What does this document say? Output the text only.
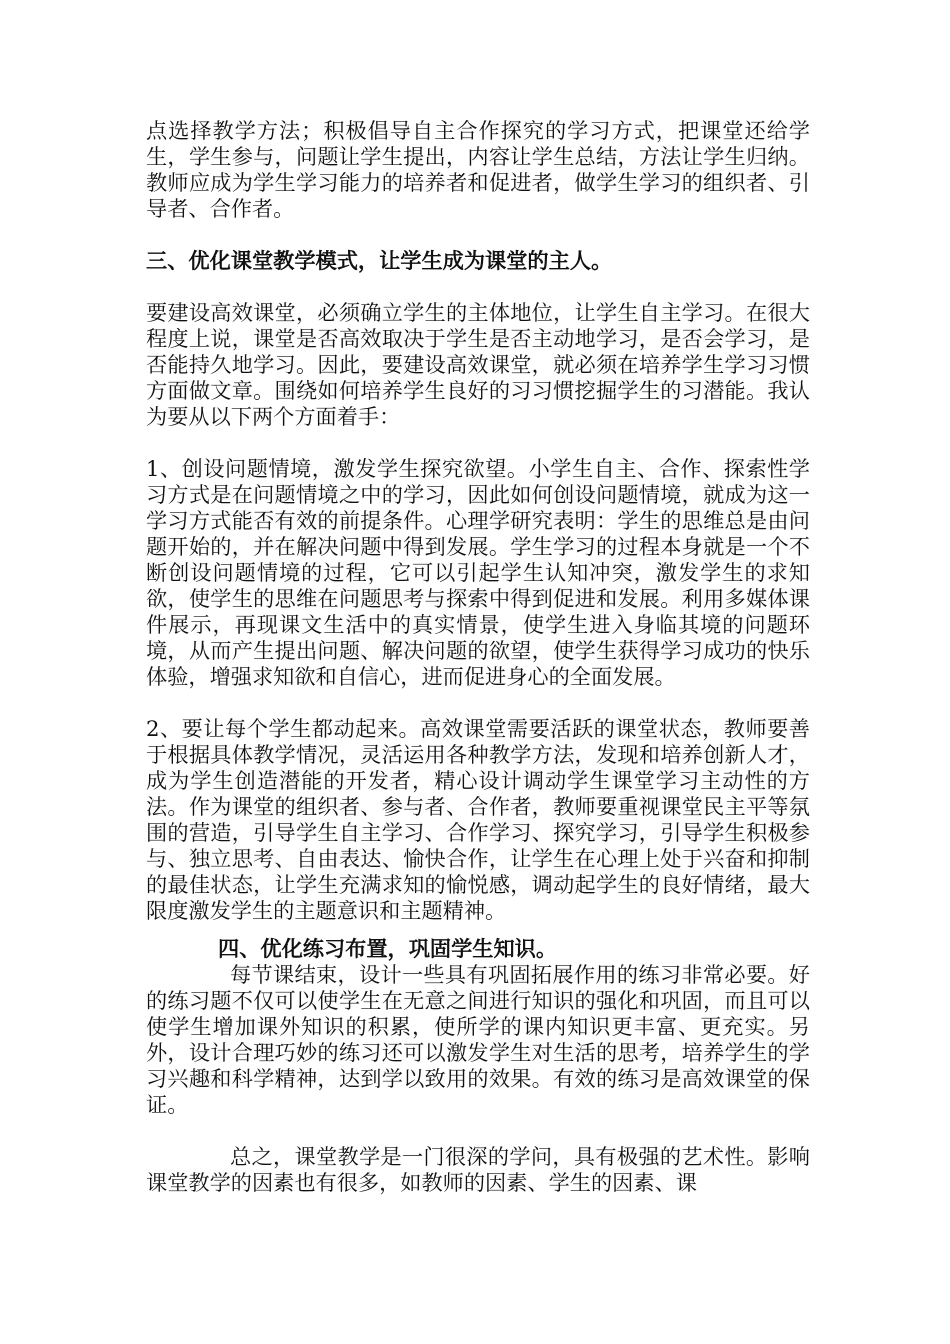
点选择教学方法；积极倡导自主合作探究的学习方式，把课堂还给学生，学生参与，问题让学生提出，内容让学生总结，方法让学生归纳。教师应成为学生学习能力的培养者和促进者，做学生学习的组织者、引导者、合作者。

三、优化课堂教学模式，让学生成为课堂的主人。

要建设高效课堂，必须确立学生的主体地位，让学生自主学习。在很大程度上说，课堂是否高效取决于学生是否主动地学习，是否会学习，是否能持久地学习。因此，要建设高效课堂，就必须在培养学生学习习惯方面做文章。围绕如何培养学生良好的习习惯挖掘学生的习潜能。我认为要从以下两个方面着手：

1、创设问题情境，激发学生探究欲望。小学生自主、合作、探索性学习方式是在问题情境之中的学习，因此如何创设问题情境，就成为这一学习方式能否有效的前提条件。心理学研究表明：学生的思维总是由问题开始的，并在解决问题中得到发展。学生学习的过程本身就是一个不断创设问题情境的过程，它可以引起学生认知冲突，激发学生的求知欲，使学生的思维在问题思考与探索中得到促进和发展。利用多媒体课件展示，再现课文生活中的真实情景，使学生进入身临其境的问题环境，从而产生提出问题、解决问题的欲望，使学生获得学习成功的快乐体验，增强求知欲和自信心，进而促进身心的全面发展。

2、要让每个学生都动起来。高效课堂需要活跃的课堂状态，教师要善于根据具体教学情况，灵活运用各种教学方法，发现和培养创新人才，成为学生创造潜能的开发者，精心设计调动学生课堂学习主动性的方法。作为课堂的组织者、参与者、合作者，教师要重视课堂民主平等氛围的营造，引导学生自主学习、合作学习、探究学习，引导学生积极参与、独立思考、自由表达、愉快合作，让学生在心理上处于兴奋和抑制的最佳状态，让学生充满求知的愉悦感，调动起学生的良好情绪，最大限度激发学生的主题意识和主题精神。

四、优化练习布置，巩固学生知识。

每节课结束，设计一些具有巩固拓展作用的练习非常必要。好的练习题不仅可以使学生在无意之间进行知识的强化和巩固，而且可以使学生增加课外知识的积累，使所学的课内知识更丰富、更充实。另外，设计合理巧妙的练习还可以激发学生对生活的思考，培养学生的学习兴趣和科学精神，达到学以致用的效果。有效的练习是高效课堂的保证。

总之，课堂教学是一门很深的学问，具有极强的艺术性。影响课堂教学的因素也有很多，如教师的因素、学生的因素、课
